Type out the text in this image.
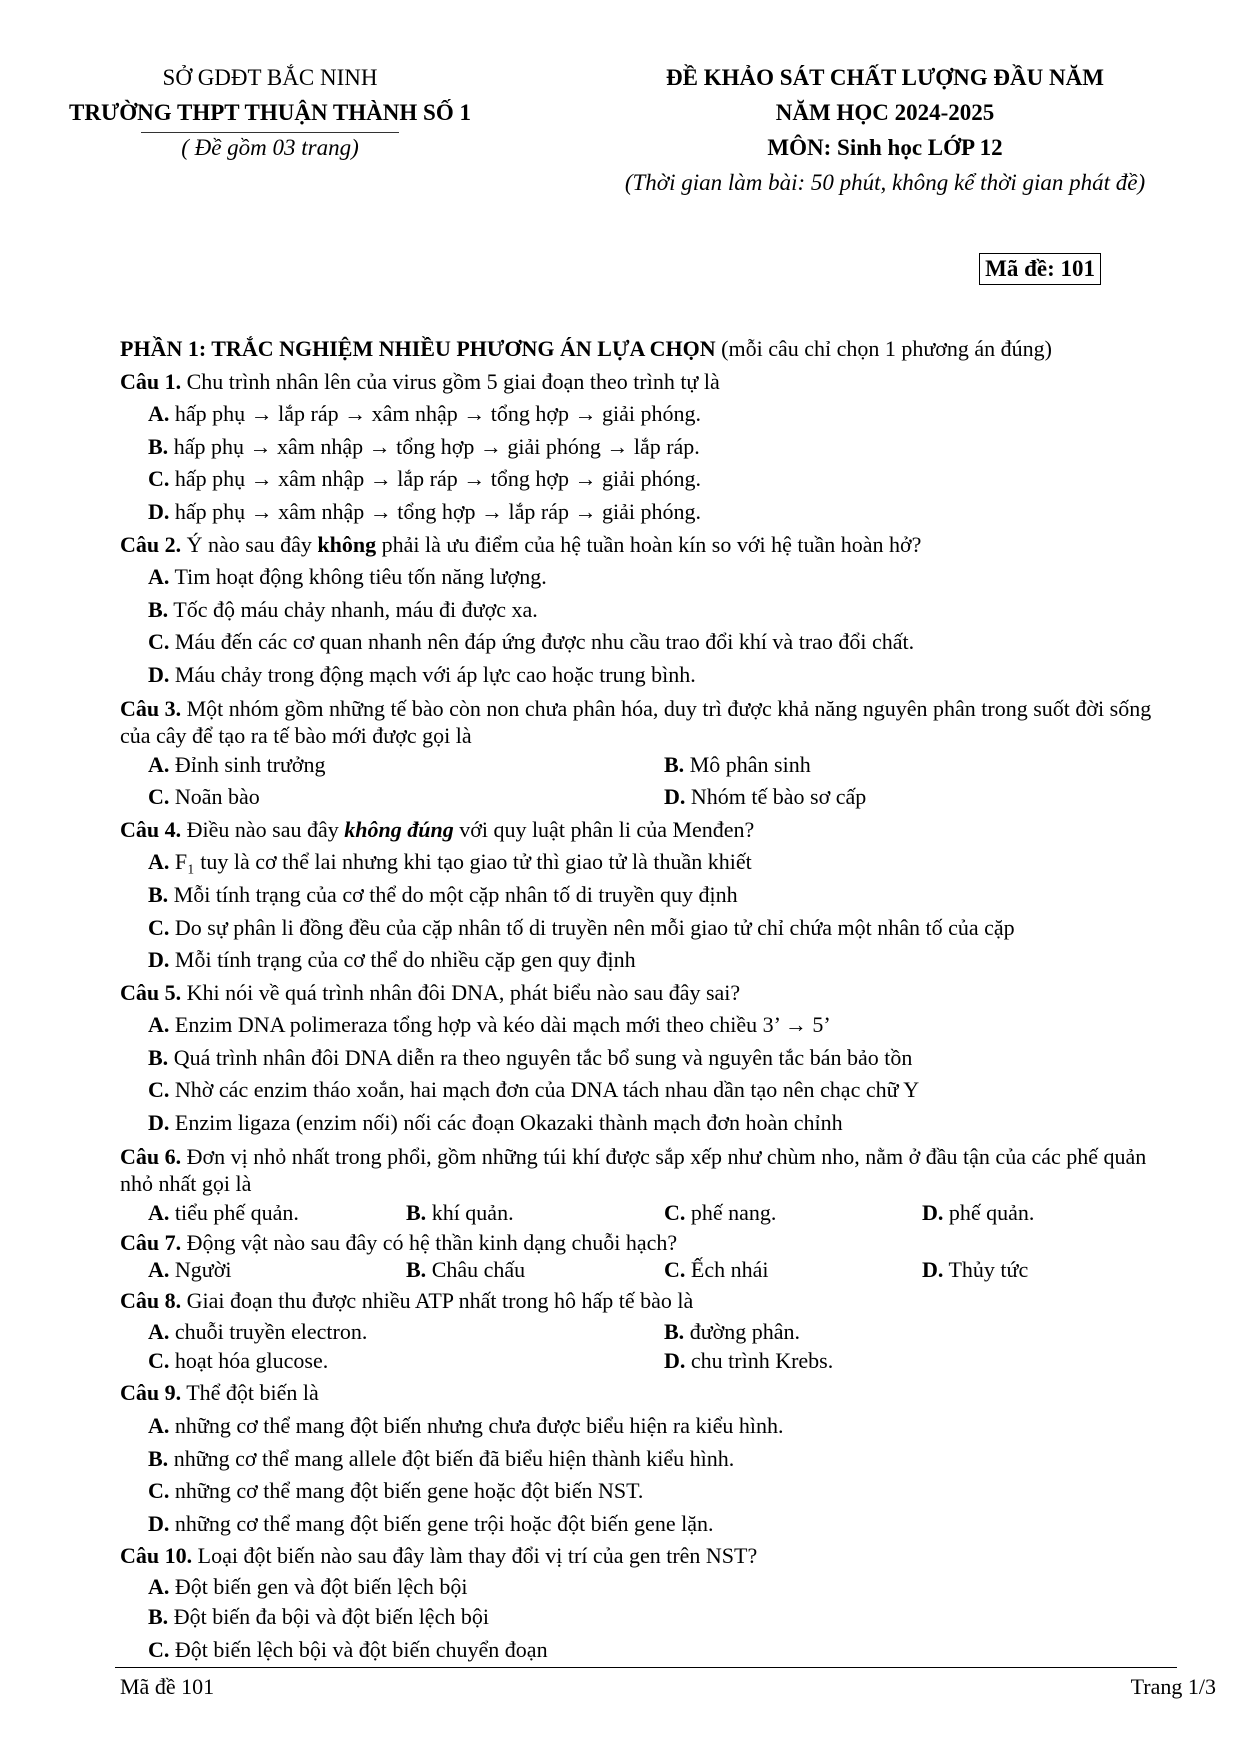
SỞ GDĐT BẮC NINH
TRƯỜNG THPT THUẬN THÀNH SỐ 1
( Đề gồm 03 trang)
ĐỀ KHẢO SÁT CHẤT LƯỢNG ĐẦU NĂM
NĂM HỌC 2024-2025
MÔN: Sinh học LỚP 12
(Thời gian làm bài: 50 phút, không kể thời gian phát đề)
Mã đề: 101
PHẦN 1: TRẮC NGHIỆM NHIỀU PHƯƠNG ÁN LỰA CHỌN (mỗi câu chỉ chọn 1 phương án đúng)
Câu 1. Chu trình nhân lên của virus gồm 5 giai đoạn theo trình tự là
A. hấp phụ → lắp ráp → xâm nhập → tổng hợp → giải phóng.
B. hấp phụ → xâm nhập → tổng hợp → giải phóng → lắp ráp.
C. hấp phụ → xâm nhập → lắp ráp → tổng hợp → giải phóng.
D. hấp phụ → xâm nhập → tổng hợp → lắp ráp → giải phóng.
Câu 2. Ý nào sau đây không phải là ưu điểm của hệ tuần hoàn kín so với hệ tuần hoàn hở?
A. Tim hoạt động không tiêu tốn năng lượng.
B. Tốc độ máu chảy nhanh, máu đi được xa.
C. Máu đến các cơ quan nhanh nên đáp ứng được nhu cầu trao đổi khí và trao đổi chất.
D. Máu chảy trong động mạch với áp lực cao hoặc trung bình.
Câu 3. Một nhóm gồm những tế bào còn non chưa phân hóa, duy trì được khả năng nguyên phân trong suốt đời sống của cây để tạo ra tế bào mới được gọi là
A. Đỉnh sinh trưởng	B. Mô phân sinh
C. Noãn bào	D. Nhóm tế bào sơ cấp
Câu 4. Điều nào sau đây không đúng với quy luật phân li của Menđen?
A. F₁ tuy là cơ thể lai nhưng khi tạo giao tử thì giao tử là thuần khiết
B. Mỗi tính trạng của cơ thể do một cặp nhân tố di truyền quy định
C. Do sự phân li đồng đều của cặp nhân tố di truyền nên mỗi giao tử chỉ chứa một nhân tố của cặp
D. Mỗi tính trạng của cơ thể do nhiều cặp gen quy định
Câu 5. Khi nói về quá trình nhân đôi DNA, phát biểu nào sau đây sai?
A. Enzim DNA polimeraza tổng hợp và kéo dài mạch mới theo chiều 3’ → 5’
B. Quá trình nhân đôi DNA diễn ra theo nguyên tắc bổ sung và nguyên tắc bán bảo tồn
C. Nhờ các enzim tháo xoắn, hai mạch đơn của DNA tách nhau dần tạo nên chạc chữ Y
D. Enzim ligaza (enzim nối) nối các đoạn Okazaki thành mạch đơn hoàn chỉnh
Câu 6. Đơn vị nhỏ nhất trong phổi, gồm những túi khí được sắp xếp như chùm nho, nằm ở đầu tận của các phế quản nhỏ nhất gọi là
A. tiểu phế quản.	B. khí quản.	C. phế nang.	D. phế quản.
Câu 7. Động vật nào sau đây có hệ thần kinh dạng chuỗi hạch?
A. Người	B. Châu chấu	C. Ếch nhái	D. Thủy tức
Câu 8. Giai đoạn thu được nhiều ATP nhất trong hô hấp tế bào là
A. chuỗi truyền electron.	B. đường phân.
C. hoạt hóa glucose.	D. chu trình Krebs.
Câu 9. Thể đột biến là
A. những cơ thể mang đột biến nhưng chưa được biểu hiện ra kiểu hình.
B. những cơ thể mang allele đột biến đã biểu hiện thành kiểu hình.
C. những cơ thể mang đột biến gene hoặc đột biến NST.
D. những cơ thể mang đột biến gene trội hoặc đột biến gene lặn.
Câu 10. Loại đột biến nào sau đây làm thay đổi vị trí của gen trên NST?
A. Đột biến gen và đột biến lệch bội
B. Đột biến đa bội và đột biến lệch bội
C. Đột biến lệch bội và đột biến chuyển đoạn
Mã đề 101	Trang 1/3
